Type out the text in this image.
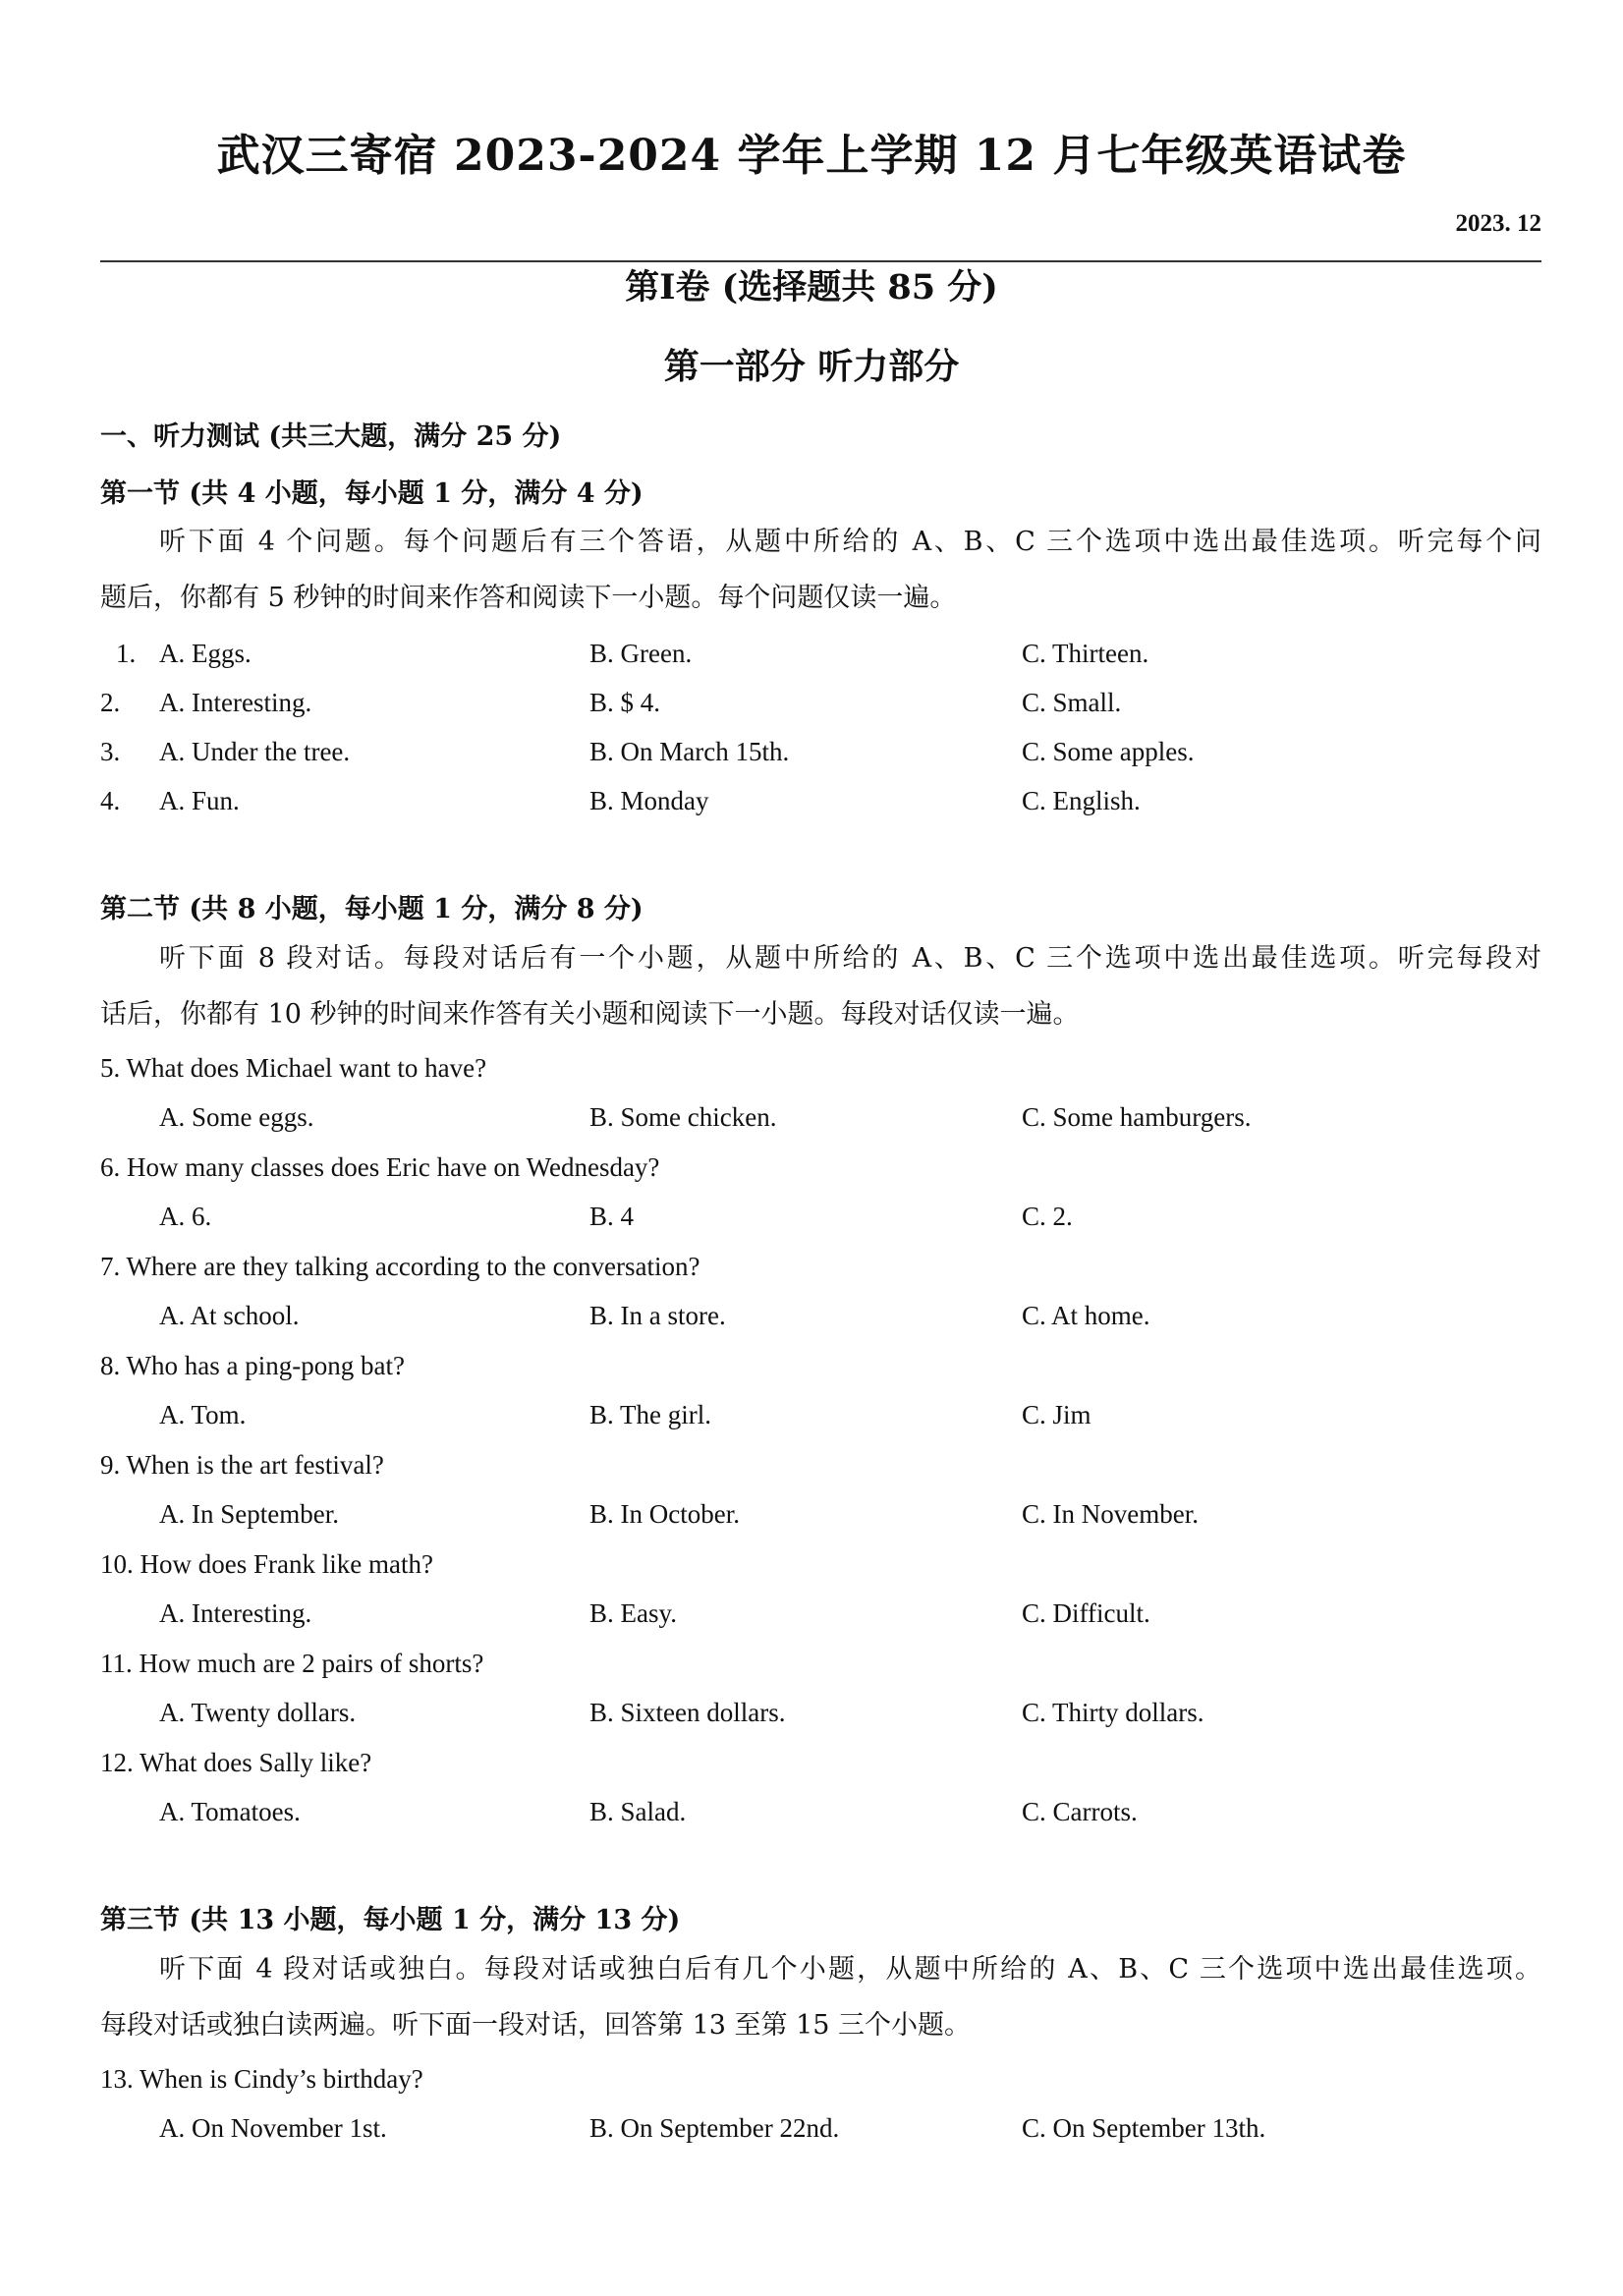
武汉三寄宿 2023-2024 学年上学期 12 月七年级英语试卷
2023. 12
第Ⅰ卷 (选择题共 85 分)
第一部分 听力部分
一、听力测试 (共三大题，满分 25 分)
第一节 (共 4 小题，每小题 1 分，满分 4 分)
听下面 4 个问题。每个问题后有三个答语，从题中所给的 A、B、C 三个选项中选出最佳选项。听完每个问
题后，你都有 5 秒钟的时间来作答和阅读下一小题。每个问题仅读一遍。
1. A. Eggs.	B. Green.	C. Thirteen.
2. A. Interesting.	B. $ 4.	C. Small.
3. A. Under the tree.	B. On March 15th.	C. Some apples.
4. A. Fun.	B. Monday	C. English.
第二节 (共 8 小题，每小题 1 分，满分 8 分)
听下面 8 段对话。每段对话后有一个小题，从题中所给的 A、B、C 三个选项中选出最佳选项。听完每段对
话后，你都有 10 秒钟的时间来作答有关小题和阅读下一小题。每段对话仅读一遍。
5. What does Michael want to have?
A. Some eggs.	B. Some chicken.	C. Some hamburgers.
6. How many classes does Eric have on Wednesday?
A. 6.	B. 4	C. 2.
7. Where are they talking according to the conversation?
A. At school.	B. In a store.	C. At home.
8. Who has a ping-pong bat?
A. Tom.	B. The girl.	C. Jim
9. When is the art festival?
A. In September.	B. In October.	C. In November.
10. How does Frank like math?
A. Interesting.	B. Easy.	C. Difficult.
11. How much are 2 pairs of shorts?
A. Twenty dollars.	B. Sixteen dollars.	C. Thirty dollars.
12. What does Sally like?
A. Tomatoes.	B. Salad.	C. Carrots.
第三节 (共 13 小题，每小题 1 分，满分 13 分)
听下面 4 段对话或独白。每段对话或独白后有几个小题，从题中所给的 A、B、C 三个选项中选出最佳选项。
每段对话或独白读两遍。听下面一段对话，回答第 13 至第 15 三个小题。
13. When is Cindy’s birthday?
A. On November 1st.	B. On September 22nd.	C. On September 13th.
